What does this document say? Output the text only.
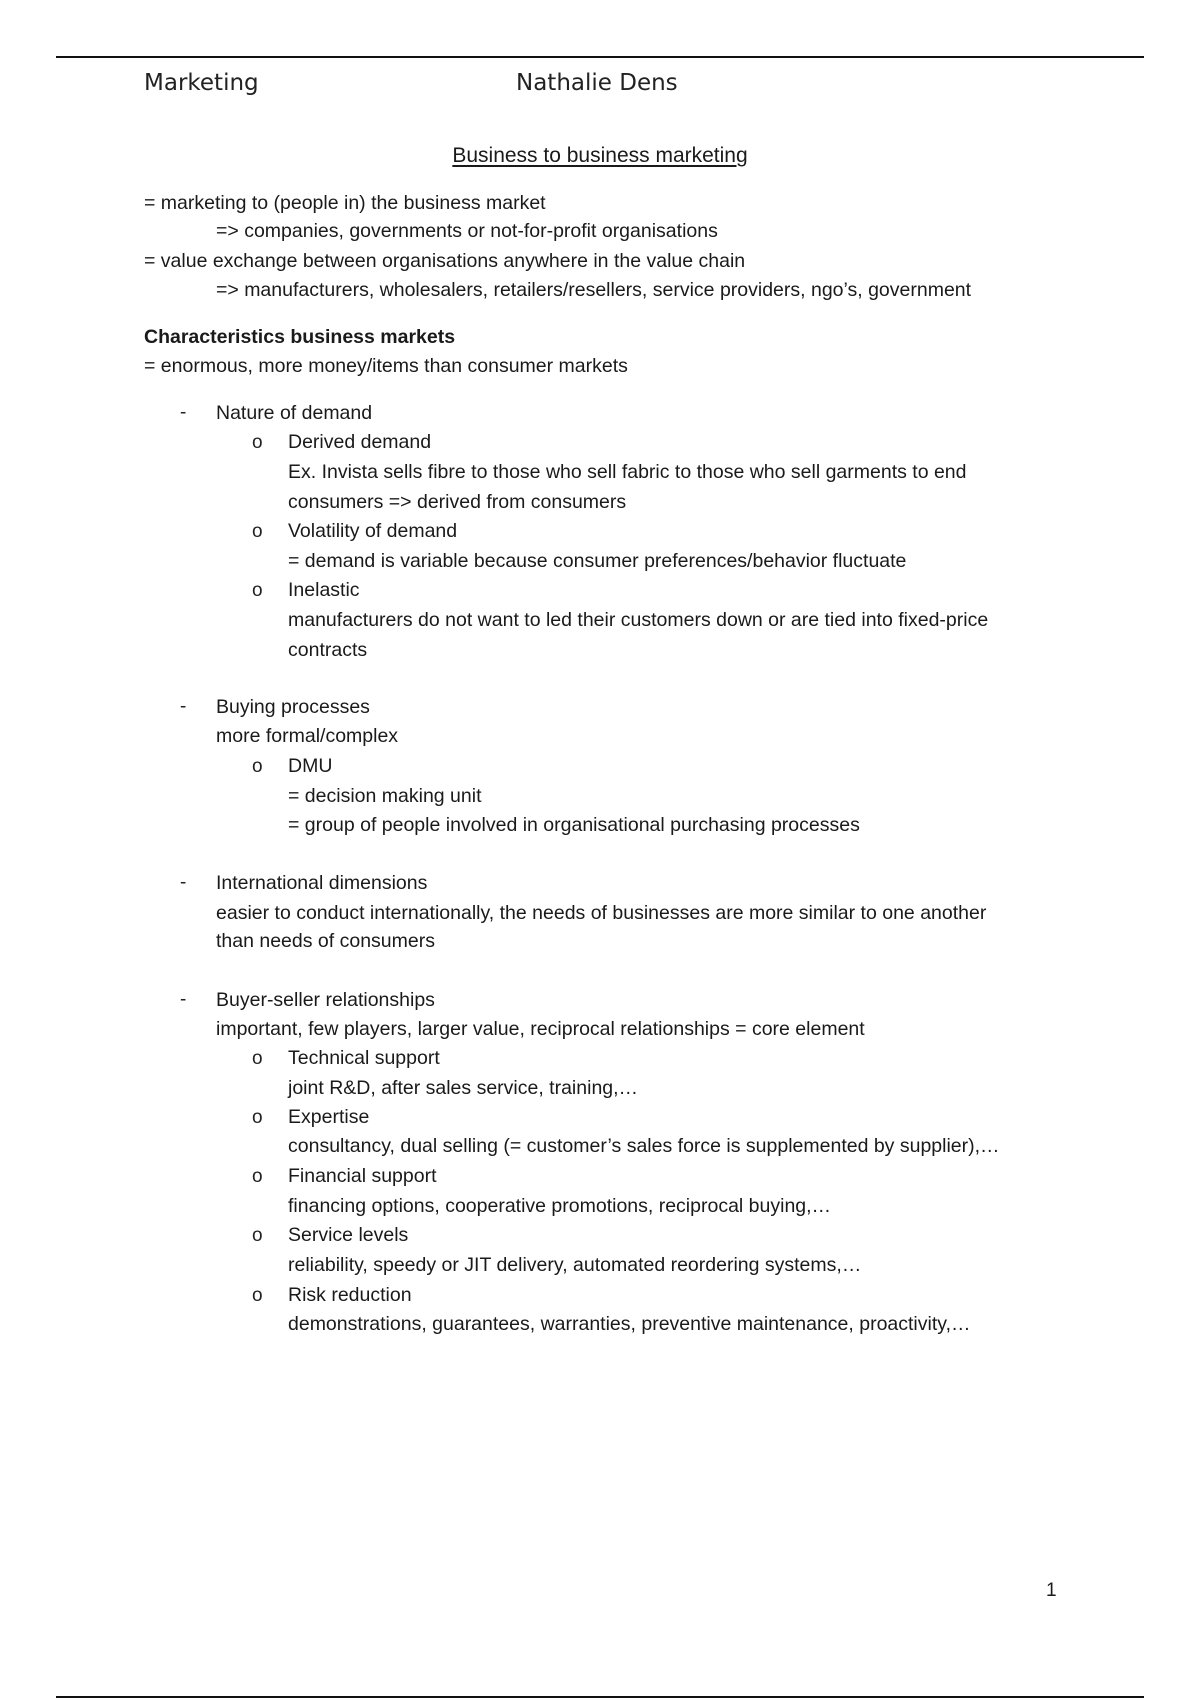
Marketing	Nathalie Dens
Business to business marketing
= marketing to (people in) the business market
=> companies, governments or not-for-profit organisations
= value exchange between organisations anywhere in the value chain
=> manufacturers, wholesalers, retailers/resellers, service providers, ngo’s, government
Characteristics business markets
= enormous, more money/items than consumer markets
- Nature of demand
o Derived demand
Ex. Invista sells fibre to those who sell fabric to those who sell garments to end
consumers => derived from consumers
o Volatility of demand
= demand is variable because consumer preferences/behavior fluctuate
o Inelastic
manufacturers do not want to led their customers down or are tied into fixed-price
contracts
- Buying processes
more formal/complex
o DMU
= decision making unit
= group of people involved in organisational purchasing processes
- International dimensions
easier to conduct internationally, the needs of businesses are more similar to one another
than needs of consumers
- Buyer-seller relationships
important, few players, larger value, reciprocal relationships = core element
o Technical support
joint R&D, after sales service, training,…
o Expertise
consultancy, dual selling (= customer’s sales force is supplemented by supplier),…
o Financial support
financing options, cooperative promotions, reciprocal buying,…
o Service levels
reliability, speedy or JIT delivery, automated reordering systems,…
o Risk reduction
demonstrations, guarantees, warranties, preventive maintenance, proactivity,…
1
